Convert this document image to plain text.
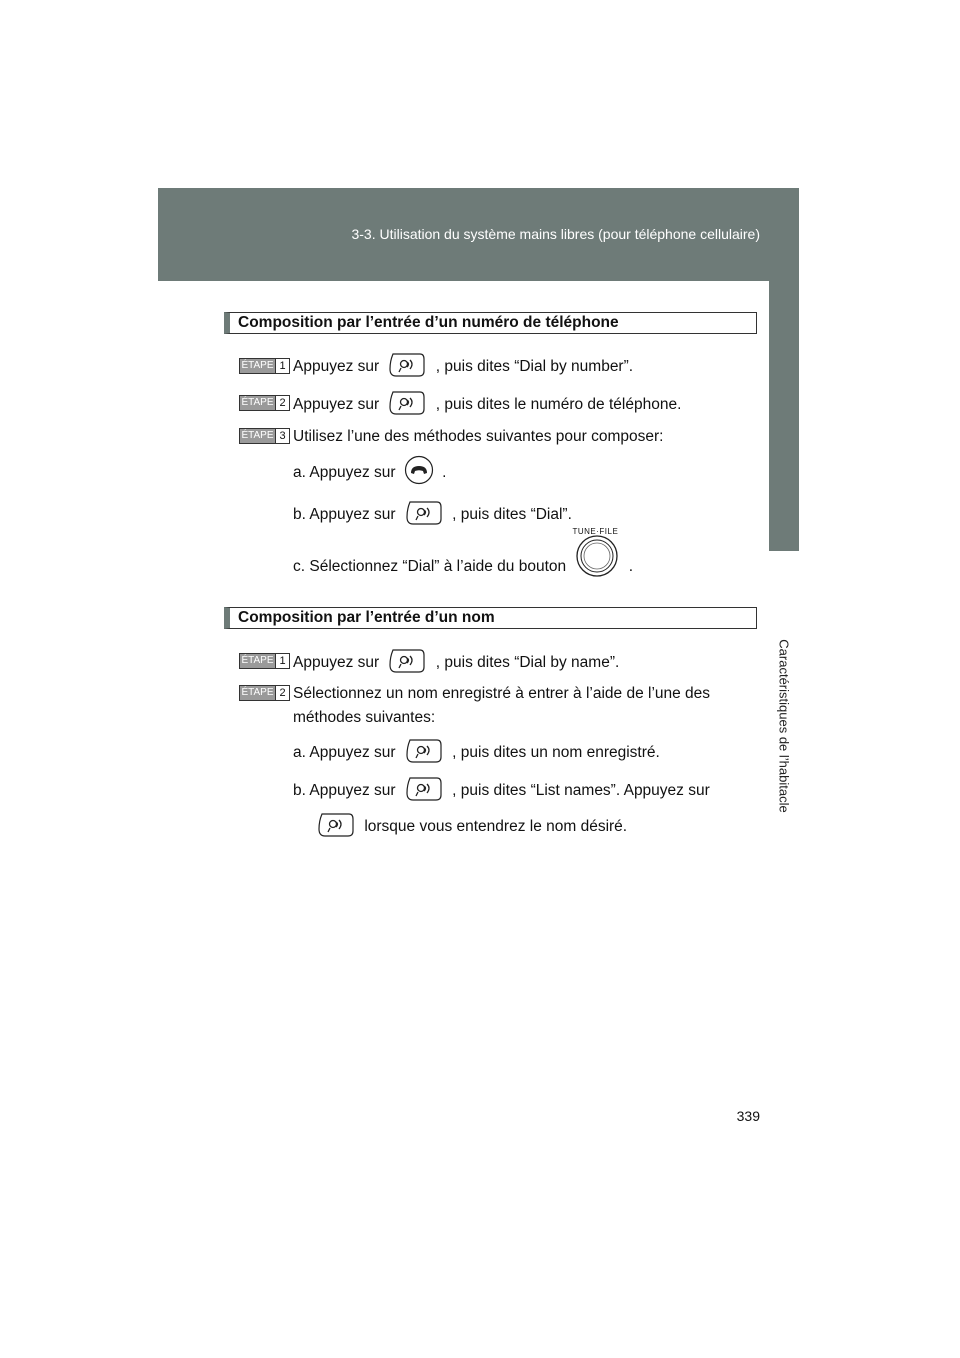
3-3. Utilisation du système mains libres (pour téléphone cellulaire)
3
Caractéristiques de l’habitacle
Composition par l’entrée d’un numéro de téléphone
ÉTAPE 1 Appuyez sur	, puis dites “Dial by number”.
ÉTAPE 2 Appuyez sur	, puis dites le numéro de téléphone.
ÉTAPE 3 Utilisez l’une des méthodes suivantes pour composer:
a. Appuyez sur	.
b. Appuyez sur	, puis dites “Dial”.
c. Sélectionnez “Dial” à l’aide du bouton
TUNE·FILE
.
Composition par l’entrée d’un nom
ÉTAPE 1 Appuyez sur	, puis dites “Dial by name”.
ÉTAPE 2 Sélectionnez un nom enregistré à entrer à l’aide de l’une des
méthodes suivantes:
a. Appuyez sur	, puis dites un nom enregistré.
b. Appuyez sur	, puis dites “List names”. Appuyez sur
lorsque vous entendrez le nom désiré.
339
